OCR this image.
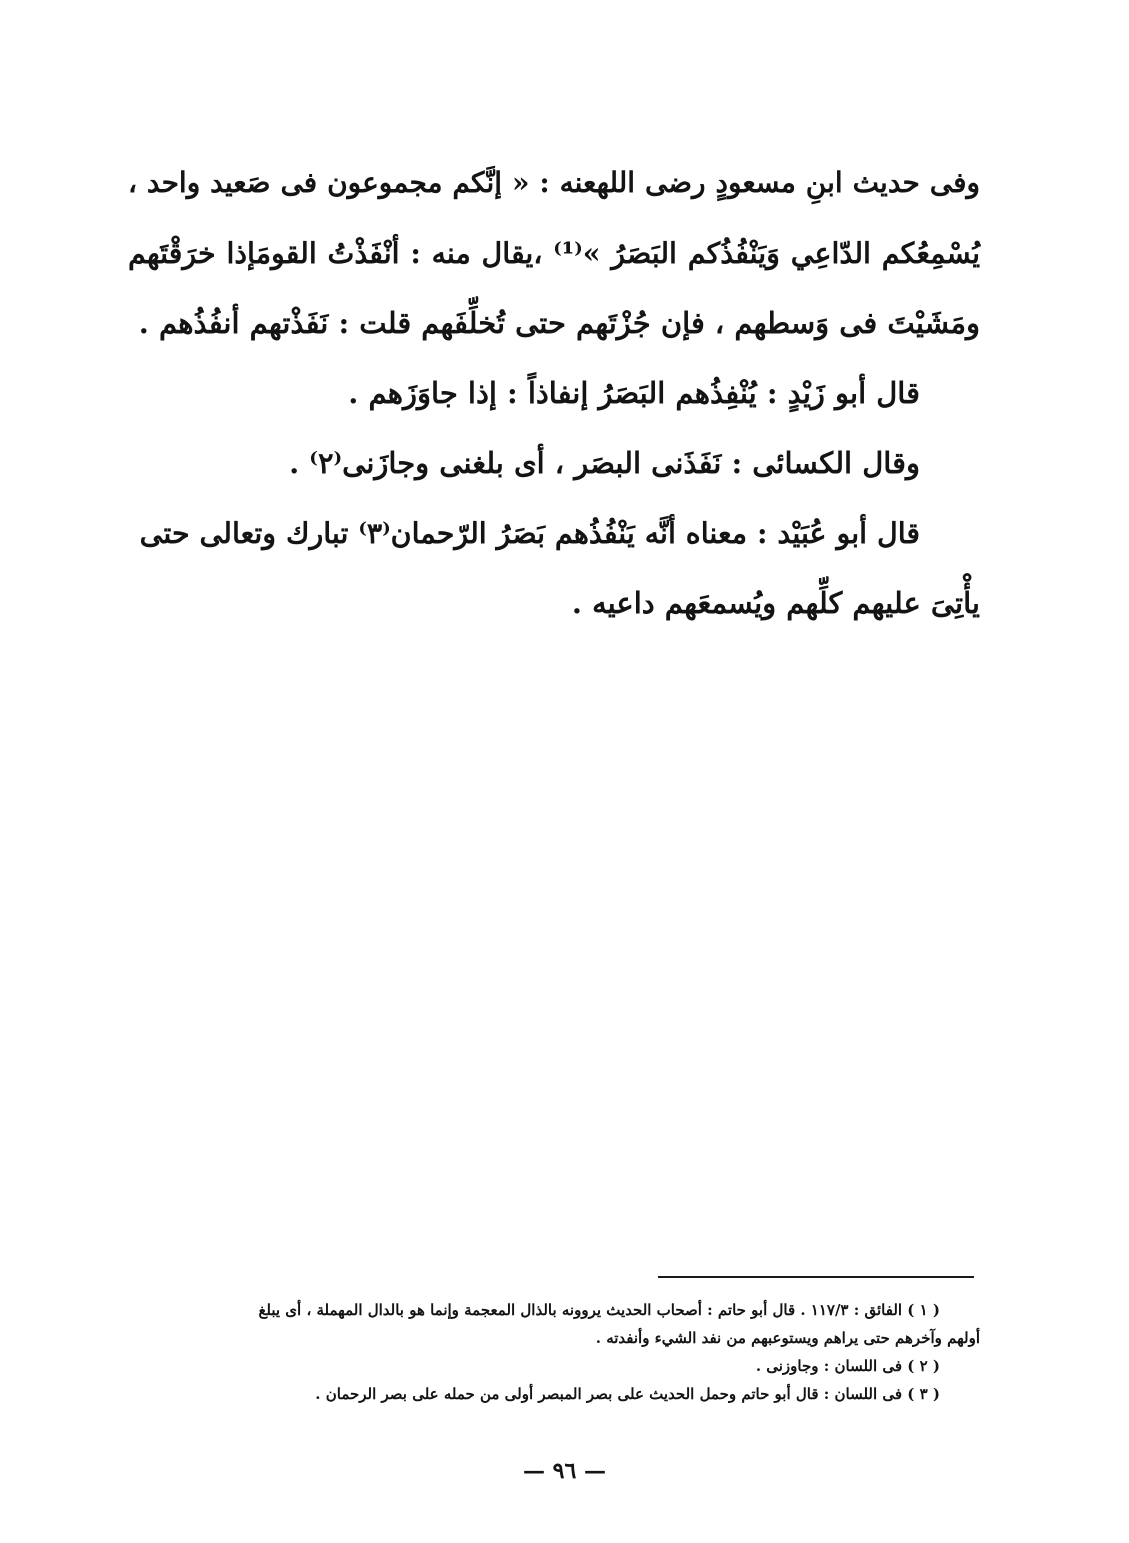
وفى حديث ابنِ مسعودٍ رضى اللهعنه : « إنَّكم مجموعون فى صَعيد واحد ،
يُسْمِعُكم الدّاعِي وَيَنْفُذُكم البَصَرُ »⁽¹⁾ ،يقال منه : أنْفَذْتُ القومَإذا خرَقْتَهم
ومَشَيْتَ فى وَسطهم ، فإن جُزْتَهم حتى تُخلِّفَهم قلت : نَفَذْتهم أنفُذُهم .
قال أبو زَيْدٍ : يُنْفِذُهم البَصَرُ إنفاذاً : إذا جاوَزَهم .
وقال الكسائى : نَفَذَنى البصَر ، أى بلغنى وجازَنى⁽٢⁾ .
قال أبو عُبَيْد : معناه أنَّه يَنْفُذُهم بَصَرُ الرّحمان⁽٣⁾ تبارك وتعالى حتى
يأْتِىَ عليهم كلِّهم ويُسمعَهم داعيه .
( ١ ) الفائق : ١١٧/٣ . قال أبو حاتم : أصحاب الحديث يروونه بالذال المعجمة وإنما هو بالدال المهملة ، أى يبلغ
أولهم وآخرهم حتى يراهم ويستوعبهم من نفد الشيء وأنفدته .
( ٢ ) فى اللسان : وجاوزنى .
( ٣ ) فى اللسان : قال أبو حاتم وحمل الحديث على بصر المبصر أولى من حمله على بصر الرحمان .
— ٩٦ —
